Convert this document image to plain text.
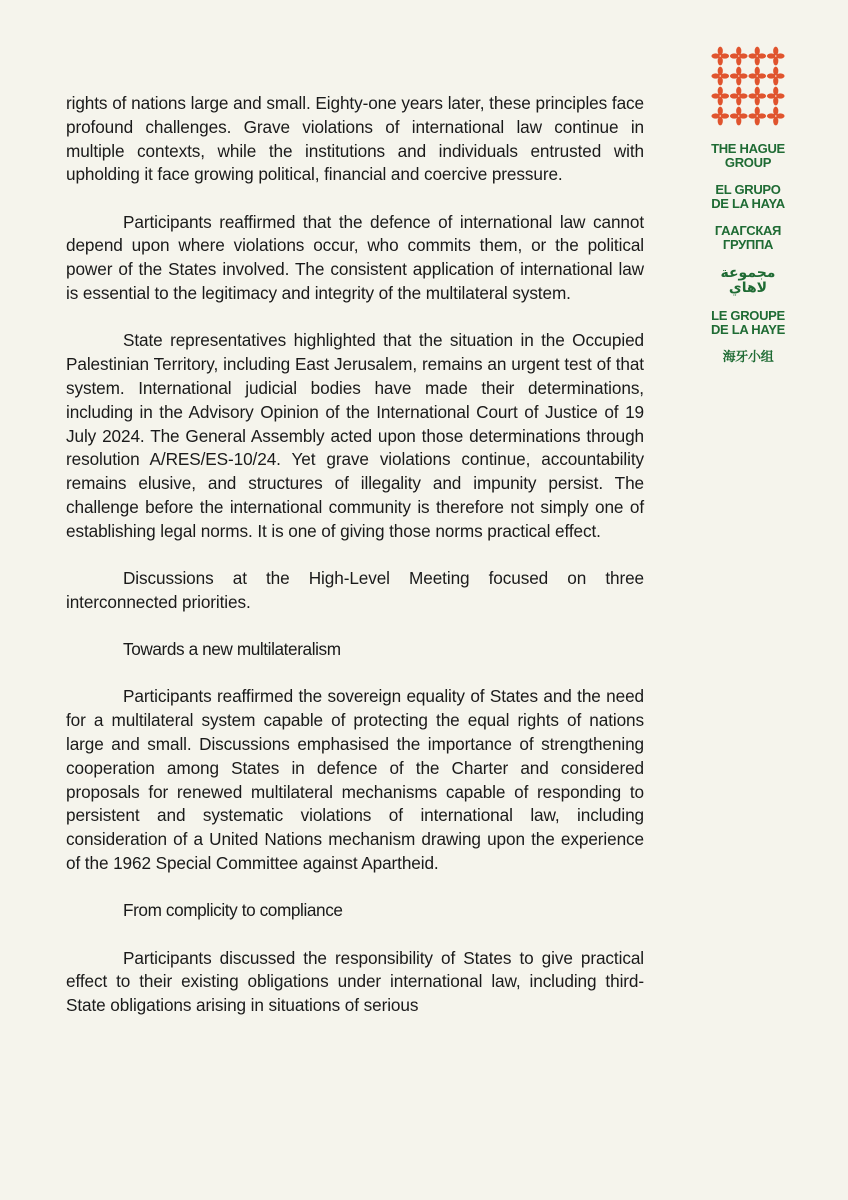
THE HAGUE
GROUP
EL GRUPO
DE LA HAYA
ГААГСКАЯ
ГРУППА
مجموعة
لاهاي
LE GROUPE
DE LA HAYE
海牙小组

rights of nations large and small. Eighty-one years later, these principles face profound challenges. Grave violations of international law continue in multiple contexts, while the institutions and individuals entrusted with upholding it face growing political, financial and coercive pressure.

Participants reaffirmed that the defence of international law cannot depend upon where violations occur, who commits them, or the political power of the States involved. The consistent application of international law is essential to the legitimacy and integrity of the multilateral system.

State representatives highlighted that the situation in the Occupied Palestinian Territory, including East Jerusalem, remains an urgent test of that system. International judicial bodies have made their determinations, including in the Advisory Opinion of the International Court of Justice of 19 July 2024. The General Assembly acted upon those determinations through resolution A/RES/ES-10/24. Yet grave violations continue, accountability remains elusive, and structures of illegality and impunity persist. The challenge before the international community is therefore not simply one of establishing legal norms. It is one of giving those norms practical effect.

Discussions at the High-Level Meeting focused on three interconnected priorities.

Towards a new multilateralism

Participants reaffirmed the sovereign equality of States and the need for a multilateral system capable of protecting the equal rights of nations large and small. Discussions emphasised the importance of strengthening cooperation among States in defence of the Charter and considered proposals for renewed multilateral mechanisms capable of responding to persistent and systematic violations of international law, including consideration of a United Nations mechanism drawing upon the experience of the 1962 Special Committee against Apartheid.

From complicity to compliance

Participants discussed the responsibility of States to give practical effect to their existing obligations under international law, including third-State obligations arising in situations of serious
